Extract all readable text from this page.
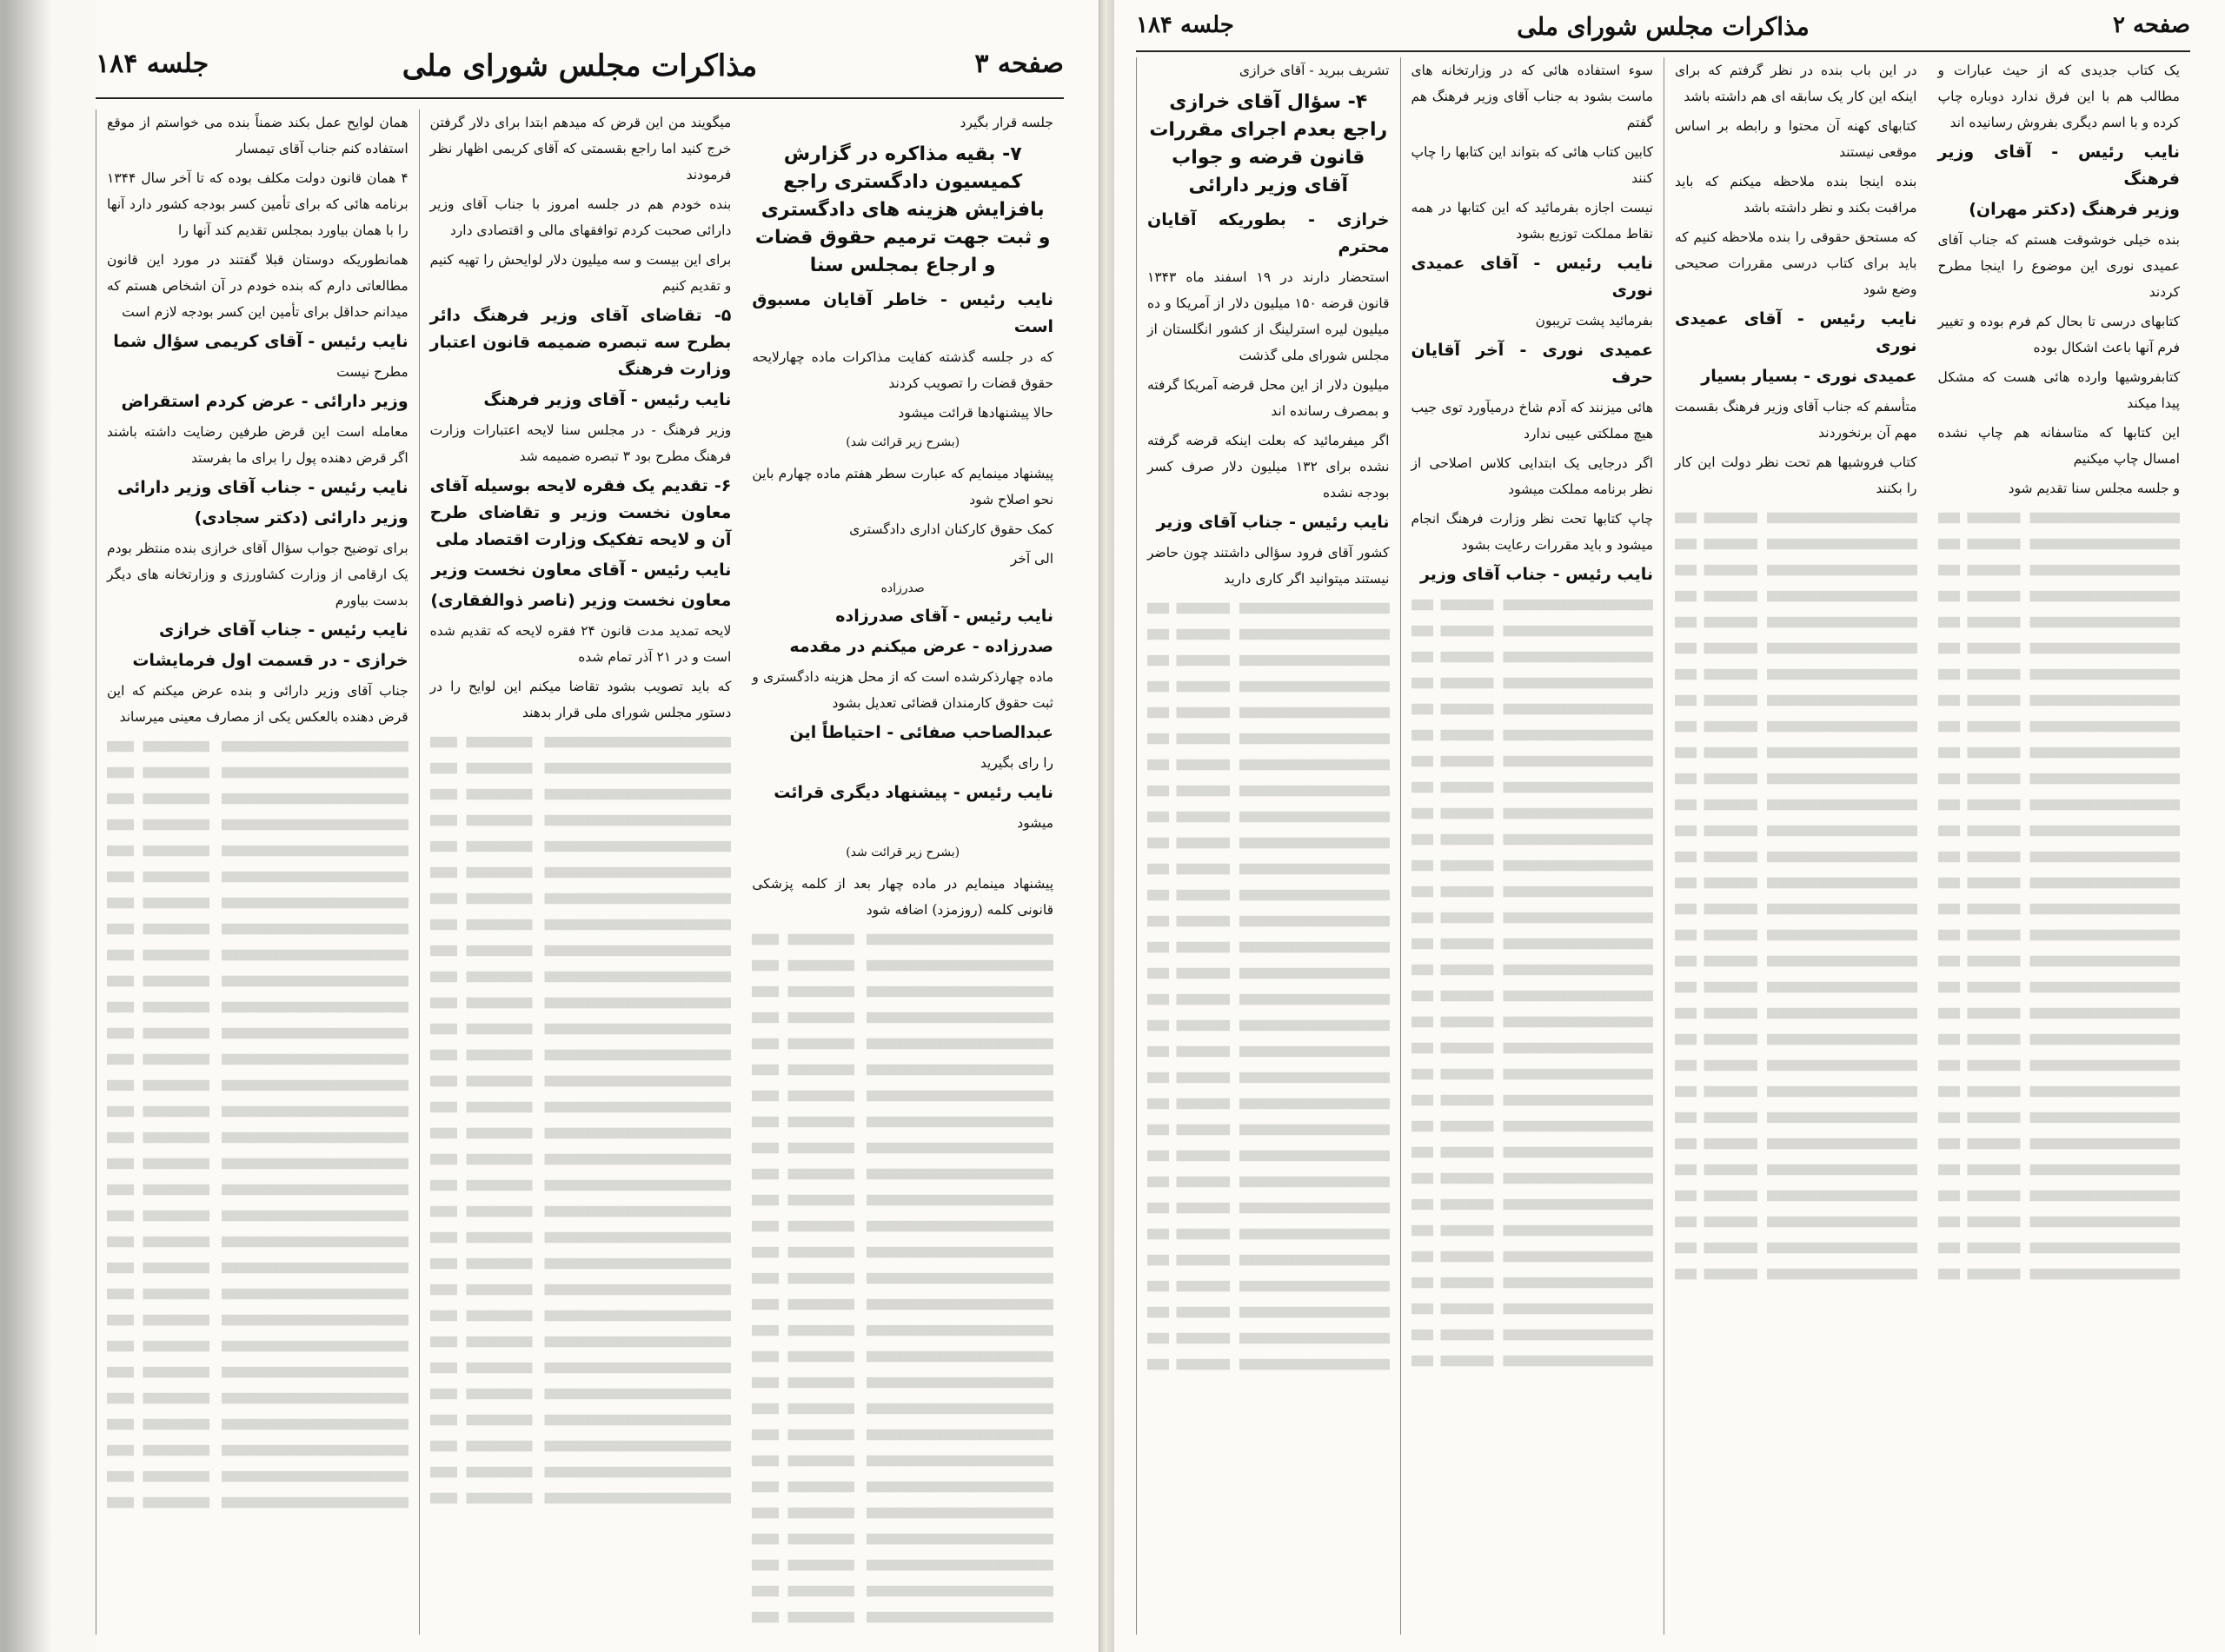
صفحه ۳
مذاکرات مجلس شورای ملی
جلسه ۱۸۴

همان لوایح عمل بکند ضمناً بنده می خواستم از موقع استفاده کنم جناب آقای تیمسار

۴ همان قانون دولت مکلف بوده که تا آخر سال ۱۳۴۴ برنامه هائی که برای تأمین کسر بودجه کشور دارد آنها را با همان بیاورد بمجلس تقدیم کند آنها را

همانطوریکه دوستان قبلا گفتند در مورد این قانون مطالعاتی دارم که بنده خودم در آن اشخاص هستم که میدانم حداقل برای تأمین این کسر بودجه لازم است

نایب رئیس - آقای کریمی سؤال شما

مطرح نیست

وزیر دارائی - عرض کردم استقراض

معامله است این قرض طرفین رضایت داشته باشند اگر قرض دهنده پول را برای ما بفرستد

نایب رئیس - جناب آقای وزیر دارائی

وزیر دارائی (دکتر سجادی)

برای توضیح جواب سؤال آقای خرازی بنده منتظر بودم یک ارقامی از وزارت کشاورزی و وزارتخانه های دیگر بدست بیاورم

نایب رئیس - جناب آقای خرازی

خرازی - در قسمت اول فرمایشات

جناب آقای وزیر دارائی و بنده عرض میکنم که این قرض دهنده بالعکس یکی از مصارف معینی میرساند

میگویند من این قرض که میدهم ابتدا برای دلار گرفتن خرج کنید اما راجع بقسمتی که آقای کریمی اظهار نظر فرمودند

بنده خودم هم در جلسه امروز با جناب آقای وزیر دارائی صحبت کردم توافقهای مالی و اقتصادی دارد

برای این بیست و سه میلیون دلار لوایحش را تهیه کنیم و تقدیم کنیم

۵- تقاضای آقای وزیر فرهنگ دائر بطرح سه تبصره ضمیمه قانون اعتبار وزارت فرهنگ

نایب رئیس - آقای وزیر فرهنگ

وزیر فرهنگ - در مجلس سنا لایحه اعتبارات وزارت فرهنگ مطرح بود ۳ تبصره ضمیمه شد

۶- تقدیم یک فقره لایحه بوسیله آقای معاون نخست وزیر و تقاضای طرح آن و لایحه تفکیک وزارت اقتصاد ملی

نایب رئیس - آقای معاون نخست وزیر

معاون نخست وزیر (ناصر ذوالفقاری)

لایحه تمدید مدت قانون ۲۴ فقره لایحه که تقدیم شده است و در ۲۱ آذر تمام شده

که باید تصویب بشود تقاضا میکنم این لوایح را در دستور مجلس شورای ملی قرار بدهند

جلسه قرار بگیرد

۷- بقیه مذاکره در گزارش کمیسیون دادگستری راجع بافزایش هزینه های دادگستری و ثبت جهت ترمیم حقوق قضات و ارجاع بمجلس سنا

نایب رئیس - خاطر آقایان مسبوق است

که در جلسه گذشته کفایت مذاکرات ماده چهارلایحه حقوق قضات را تصویب کردند

حالا پیشنهادها قرائت میشود

(بشرح زیر قرائت شد)

پیشنهاد مینمایم که عبارت سطر هفتم ماده چهارم باین نحو اصلاح شود

کمک حقوق کارکنان اداری دادگستری

الی آخر

صدرزاده

نایب رئیس - آقای صدرزاده

صدرزاده - عرض میکنم در مقدمه

ماده چهارذکرشده است که از محل هزینه دادگستری و ثبت حقوق کارمندان قضائی تعدیل بشود

عبدالصاحب صفائی - احتیاطاً این

را رای بگیرید

نایب رئیس - پیشنهاد دیگری قرائت

میشود

(بشرح زیر قرائت شد)

پیشنهاد مینمایم در ماده چهار بعد از کلمه پزشکی قانونی کلمه (روزمزد) اضافه شود

صفحه ۲
مذاکرات مجلس شورای ملی
جلسه ۱۸۴

تشریف ببرید - آقای خرازی

۴- سؤال آقای خرازی راجع بعدم اجرای مقررات قانون قرضه و جواب آقای وزیر دارائی

خرازی - بطوریکه آقایان محترم

استحضار دارند در ۱۹ اسفند ماه ۱۳۴۳ قانون قرضه ۱۵۰ میلیون دلار از آمریکا و ده میلیون لیره استرلینگ از کشور انگلستان از مجلس شورای ملی گذشت

میلیون دلار از این محل قرضه آمریکا گرفته و بمصرف رسانده اند

اگر میفرمائید که بعلت اینکه قرضه گرفته نشده برای ۱۳۲ میلیون دلار صرف کسر بودجه نشده

نایب رئیس - جناب آقای وزیر

کشور آقای فرود سؤالی داشتند چون حاضر نیستند میتوانید اگر کاری دارید

سوء استفاده هائی که در وزارتخانه های ماست بشود به جناب آقای وزیر فرهنگ هم گفتم

کابین کتاب هائی که بتواند این کتابها را چاپ کنند

نیست اجازه بفرمائید که این کتابها در همه نقاط مملکت توزیع بشود

نایب رئیس - آقای عمیدی نوری

بفرمائید پشت تریبون

عمیدی نوری - آخر آقایان حرف

هائی میزنند که آدم شاخ درمیآورد توی جیب هیچ مملکتی عیبی ندارد

اگر درجایی یک ابتدایی کلاس اصلاحی از نظر برنامه مملکت میشود

چاپ کتابها تحت نظر وزارت فرهنگ انجام میشود و باید مقررات رعایت بشود

نایب رئیس - جناب آقای وزیر

در این باب بنده در نظر گرفتم که برای اینکه این کار یک سابقه ای هم داشته باشد

کتابهای کهنه آن محتوا و رابطه بر اساس موقعی نیستند

بنده اینجا بنده ملاحظه میکنم که باید مراقبت بکند و نظر داشته باشد

که مستحق حقوقی را بنده ملاحظه کنیم که باید برای کتاب درسی مقررات صحیحی وضع شود

نایب رئیس - آقای عمیدی نوری

عمیدی نوری - بسیار بسیار

متأسفم که جناب آقای وزیر فرهنگ بقسمت مهم آن برنخوردند

کتاب فروشیها هم تحت نظر دولت این کار را بکنند

یک کتاب جدیدی که از حیث عبارات و مطالب هم با این فرق ندارد دوباره چاپ کرده و با اسم دیگری بفروش رسانیده اند

نایب رئیس - آقای وزیر فرهنگ

وزیر فرهنگ (دکتر مهران)

بنده خیلی خوشوقت هستم که جناب آقای عمیدی نوری این موضوع را اینجا مطرح کردند

کتابهای درسی تا بحال کم فرم بوده و تغییر فرم آنها باعث اشکال بوده

کتابفروشیها وارده هائی هست که مشکل پیدا میکند

این کتابها که متاسفانه هم چاپ نشده امسال چاپ میکنیم

و جلسه مجلس سنا تقدیم شود
